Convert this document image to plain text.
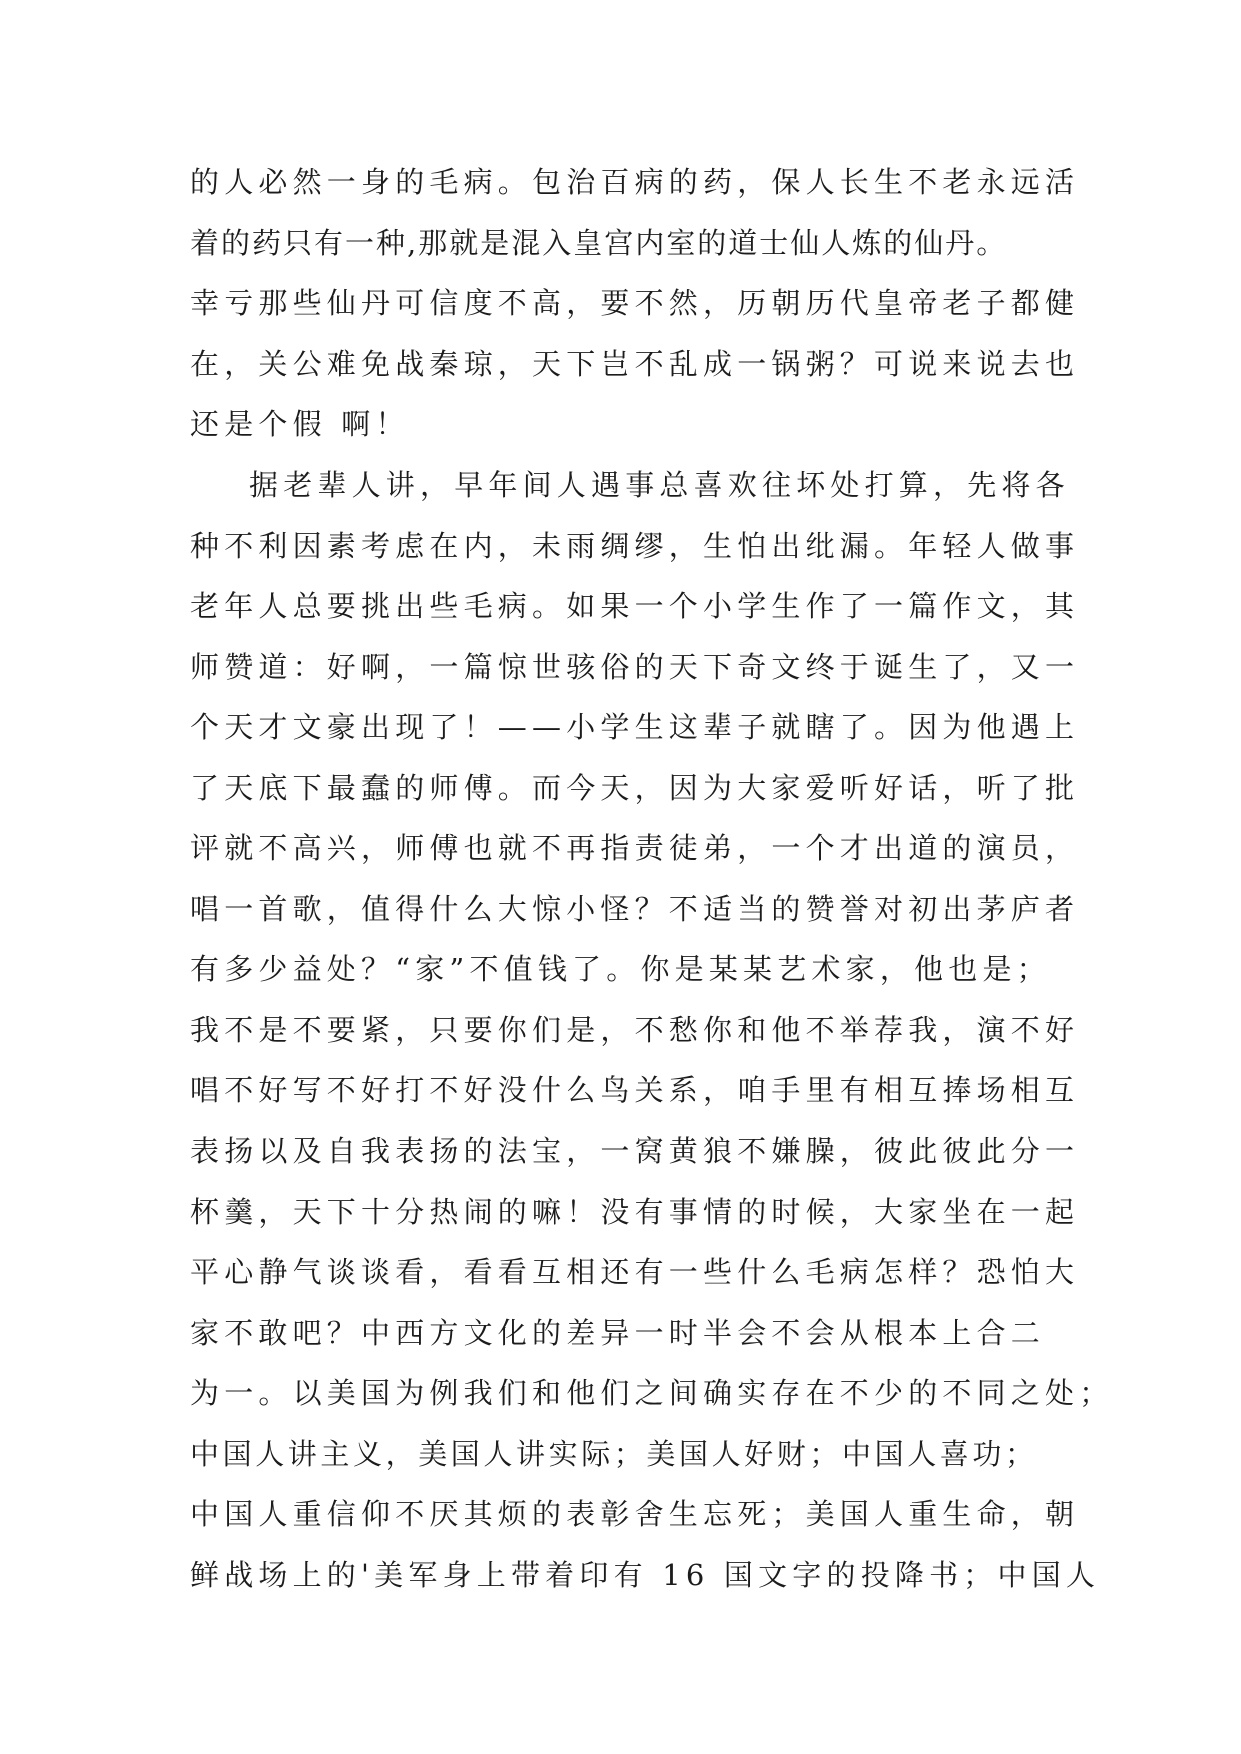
的人必然一身的毛病。包治百病的药，保人长生不老永远活
着的药只有一种,那就是混入皇宫内室的道士仙人炼的仙丹。
幸亏那些仙丹可信度不高，要不然，历朝历代皇帝老子都健
在，关公难免战秦琼，天下岂不乱成一锅粥？可说来说去也
还是个假 啊！
据老辈人讲，早年间人遇事总喜欢往坏处打算，先将各
种不利因素考虑在内，未雨绸缪，生怕出纰漏。年轻人做事
老年人总要挑出些毛病。如果一个小学生作了一篇作文，其
师赞道：好啊，一篇惊世骇俗的天下奇文终于诞生了，又一
个天才文豪出现了！——小学生这辈子就瞎了。因为他遇上
了天底下最蠢的师傅。而今天，因为大家爱听好话，听了批
评就不高兴，师傅也就不再指责徒弟，一个才出道的演员，
唱一首歌，值得什么大惊小怪？不适当的赞誉对初出茅庐者
有多少益处？“家”不值钱了。你是某某艺术家，他也是；
我不是不要紧，只要你们是，不愁你和他不举荐我，演不好
唱不好写不好打不好没什么鸟关系，咱手里有相互捧场相互
表扬以及自我表扬的法宝，一窝黄狼不嫌臊，彼此彼此分一
杯羹，天下十分热闹的嘛！没有事情的时候，大家坐在一起
平心静气谈谈看，看看互相还有一些什么毛病怎样？恐怕大
家不敢吧？中西方文化的差异一时半会不会从根本上合二
为一。以美国为例我们和他们之间确实存在不少的不同之处；
中国人讲主义，美国人讲实际；美国人好财；中国人喜功；
中国人重信仰不厌其烦的表彰舍生忘死；美国人重生命，朝
鲜战场上的'美军身上带着印有 16 国文字的投降书；中国人
